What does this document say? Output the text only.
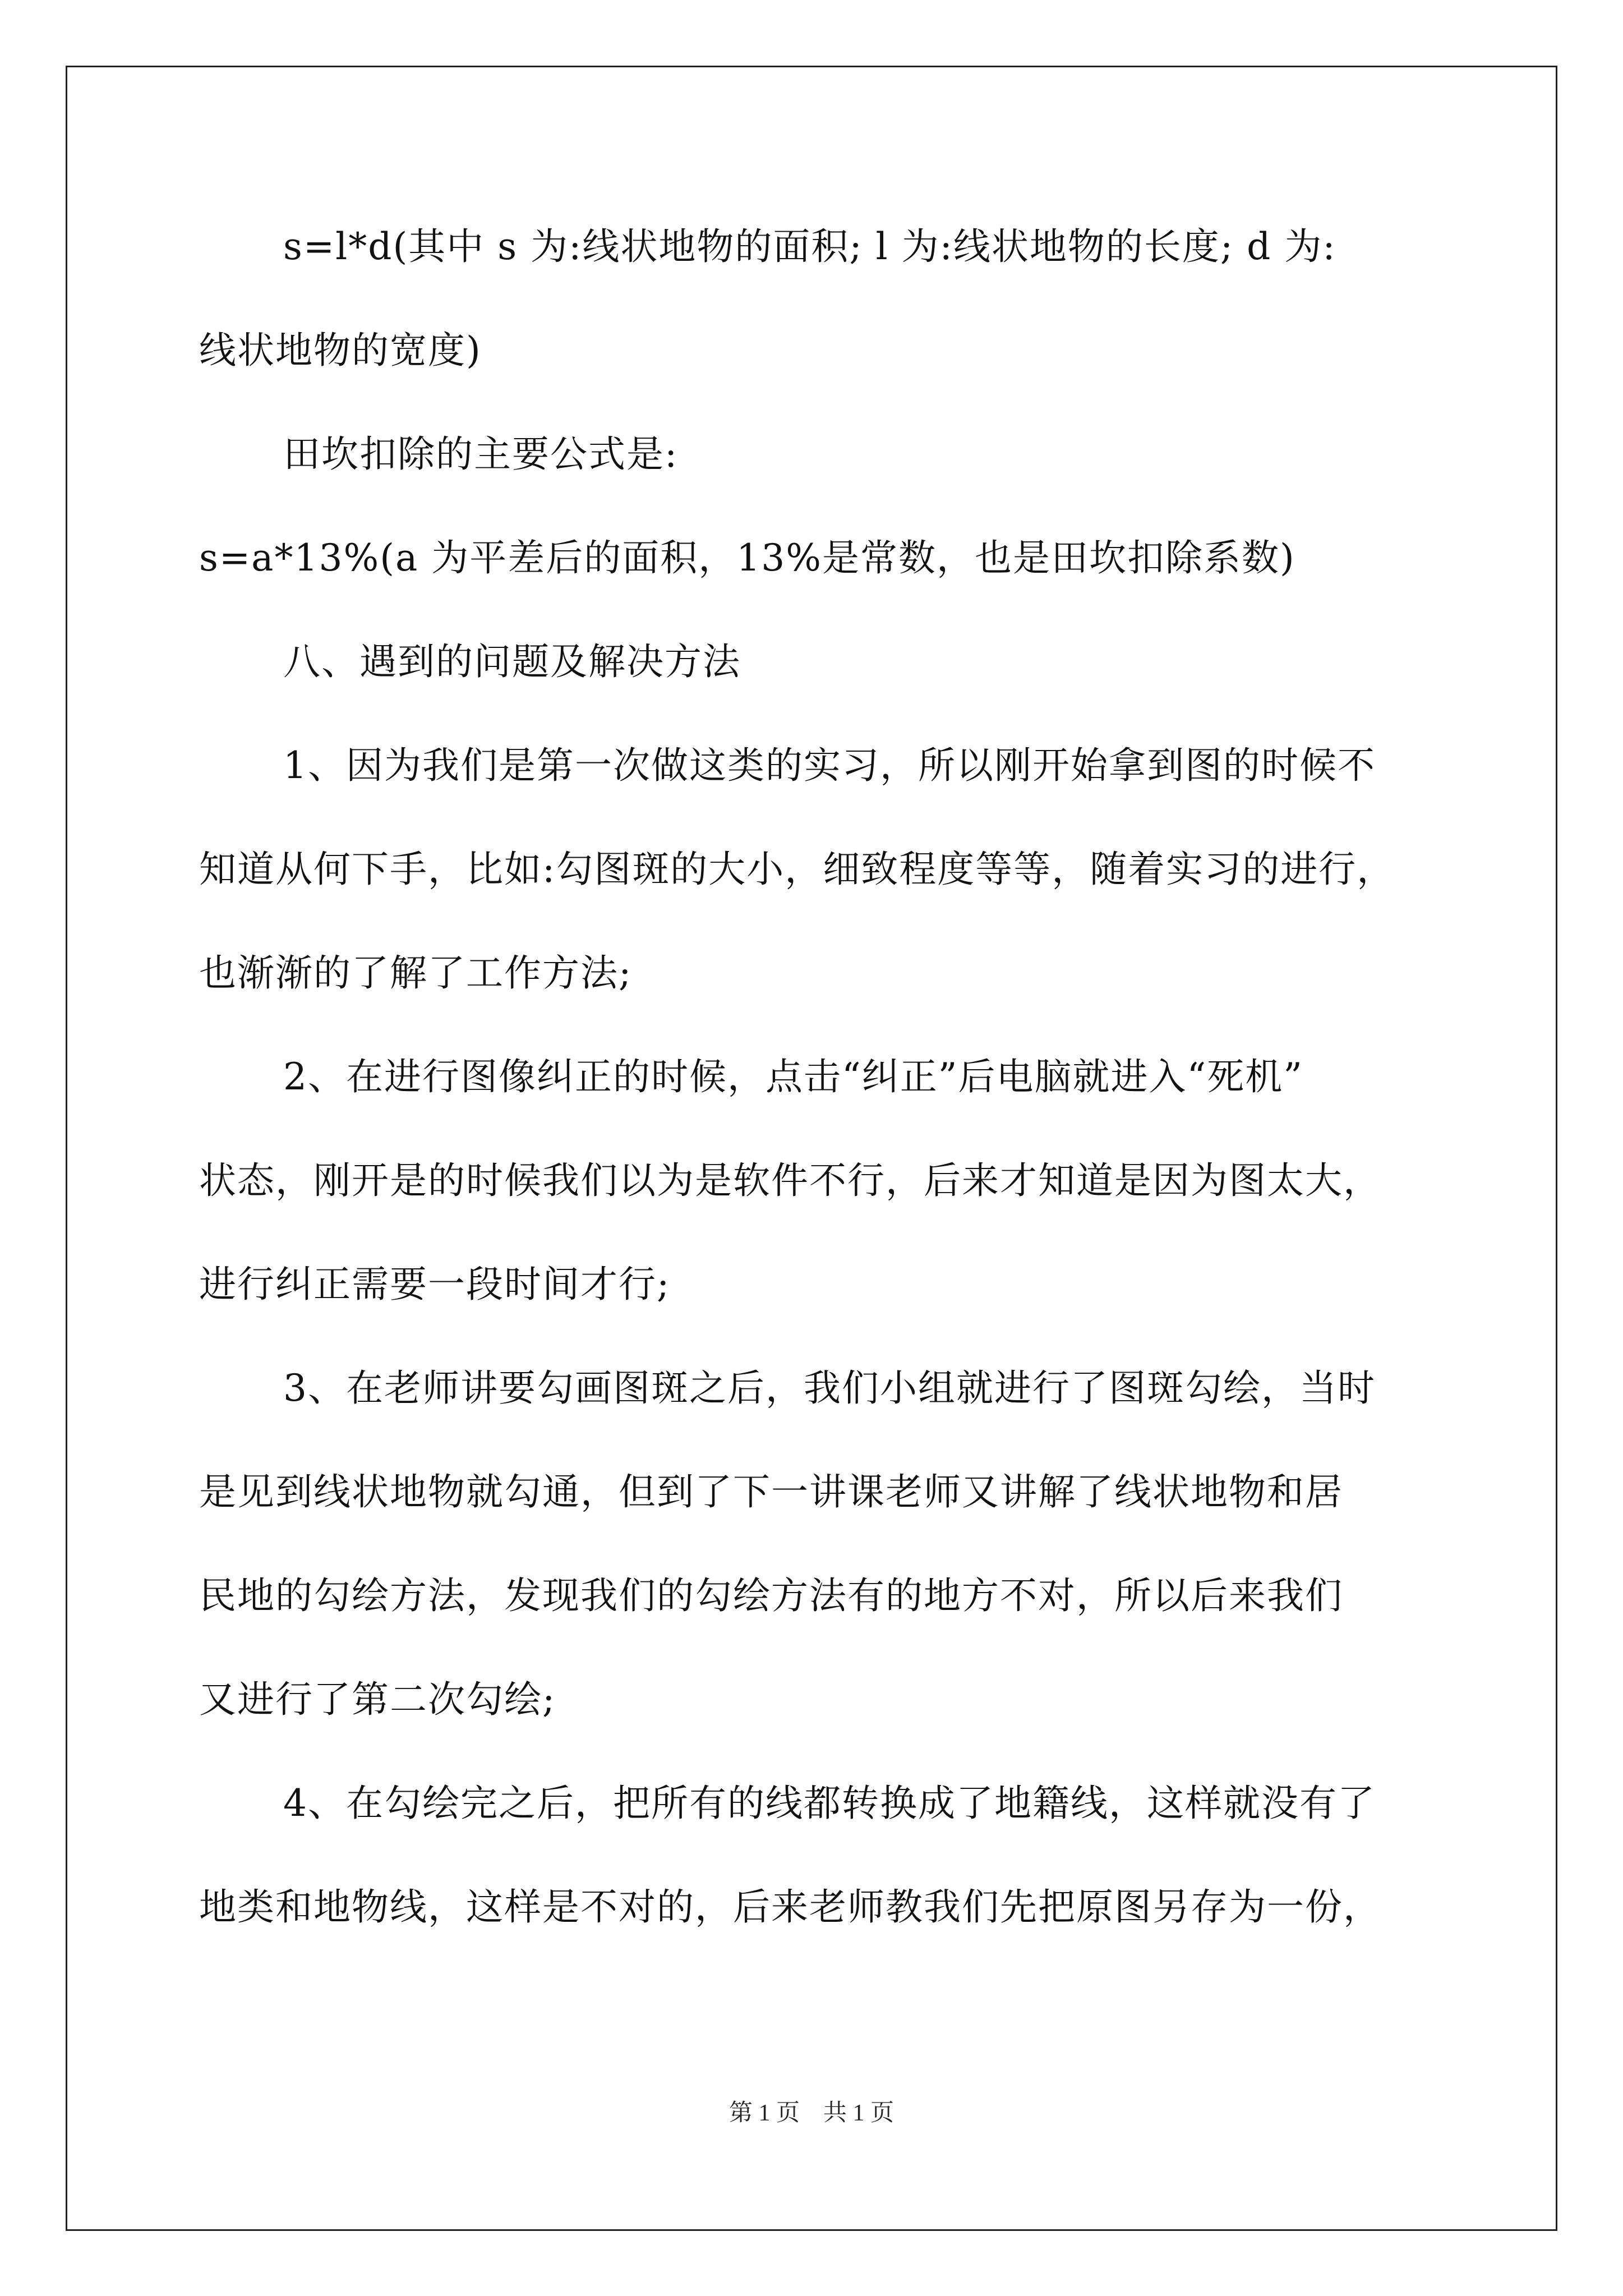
s=l*d(其中 s 为:线状地物的面积; l 为:线状地物的长度; d 为:
线状地物的宽度)
田坎扣除的主要公式是:
s=a*13%(a 为平差后的面积，13%是常数，也是田坎扣除系数)
八、遇到的问题及解决方法
1、因为我们是第一次做这类的实习，所以刚开始拿到图的时候不
知道从何下手，比如:勾图斑的大小，细致程度等等，随着实习的进行，
也渐渐的了解了工作方法;
2、在进行图像纠正的时候，点击“纠正”后电脑就进入“死机”
状态，刚开是的时候我们以为是软件不行，后来才知道是因为图太大，
进行纠正需要一段时间才行;
3、在老师讲要勾画图斑之后，我们小组就进行了图斑勾绘，当时
是见到线状地物就勾通，但到了下一讲课老师又讲解了线状地物和居
民地的勾绘方法，发现我们的勾绘方法有的地方不对，所以后来我们
又进行了第二次勾绘;
4、在勾绘完之后，把所有的线都转换成了地籍线，这样就没有了
地类和地物线，这样是不对的，后来老师教我们先把原图另存为一份，
第 1 页　共 1 页
